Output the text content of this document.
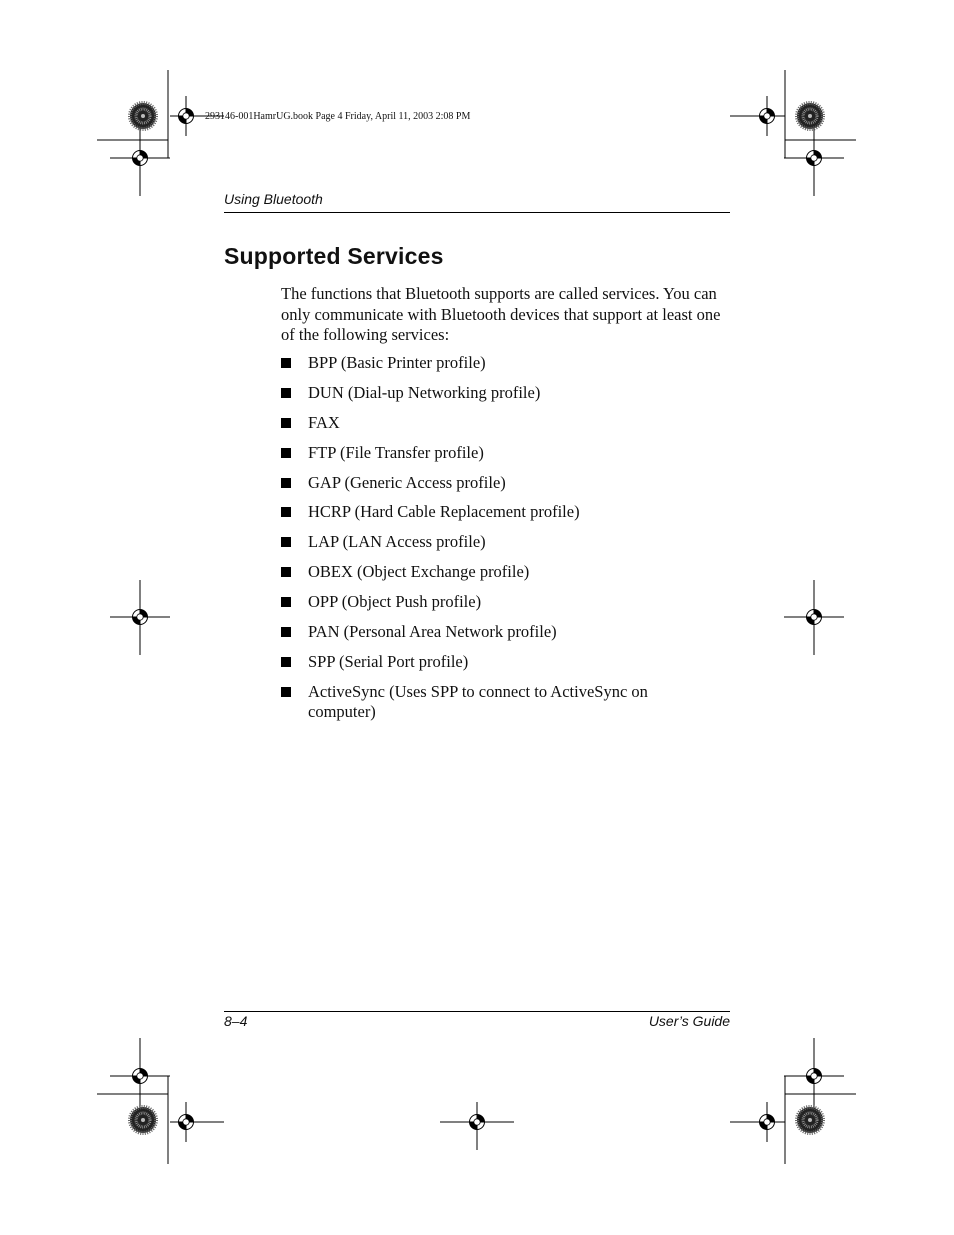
293146-001HamrUG.book Page 4 Friday, April 11, 2003 2:08 PM
Using Bluetooth
Supported Services

The functions that Bluetooth supports are called services. You can only communicate with Bluetooth devices that support at least one of the following services:

BPP (Basic Printer profile)
DUN (Dial-up Networking profile)
FAX
FTP (File Transfer profile)
GAP (Generic Access profile)
HCRP (Hard Cable Replacement profile)
LAP (LAN Access profile)
OBEX (Object Exchange profile)
OPP (Object Push profile)
PAN (Personal Area Network profile)
SPP (Serial Port profile)
ActiveSync (Uses SPP to connect to ActiveSync on computer)
8–4	User’s Guide
